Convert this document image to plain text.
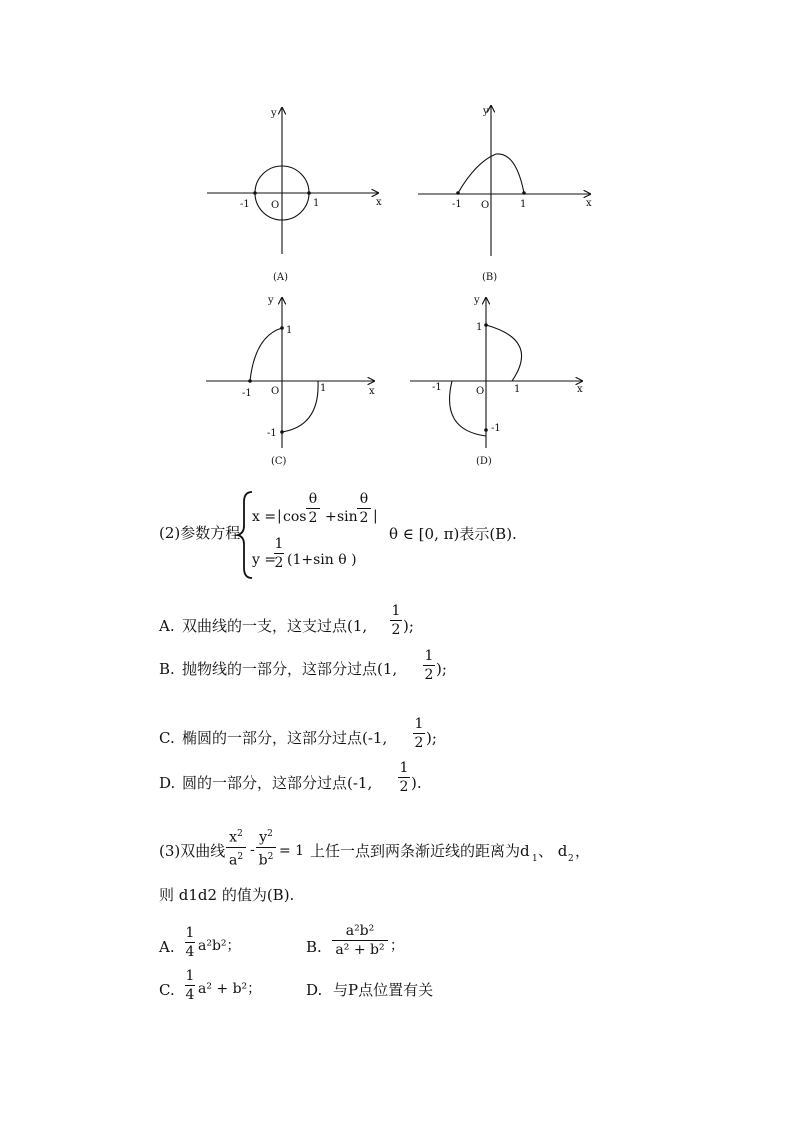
y
x
-1 O	1
(A)
y
x
-1 O	1
(B)
y
x
1
-1 O	1
-1
(C)
y
x
1
-1	O	1
-1
(D)
(2)参数方程
x = | cos
θ
2 + sin
θ
2 |
y =
1
2 (1+sin θ )
θ ∈ [0, π)表示(B).
A. 双曲线的一支，这支过点(1,
1
2 );
B. 抛物线的一部分，这部分过点(1,
1
2 );
C. 椭圆的一部分，这部分过点(-1,
1
2 );
D. 圆的一部分，这部分过点(-1,
1
2 ).
(3)双曲线
$x^2$
$a^2$ -
$y^2$
$b^2 = 1$ 上任一点到两条渐近线的距离为d 1 、 d 2 ，
则 d1d2 的值为(B).
A.
1
4 a²b²；	B.
a²b²
a² + b² ；
C.
1
4 a² + b²；	D. 与P点位置有关
